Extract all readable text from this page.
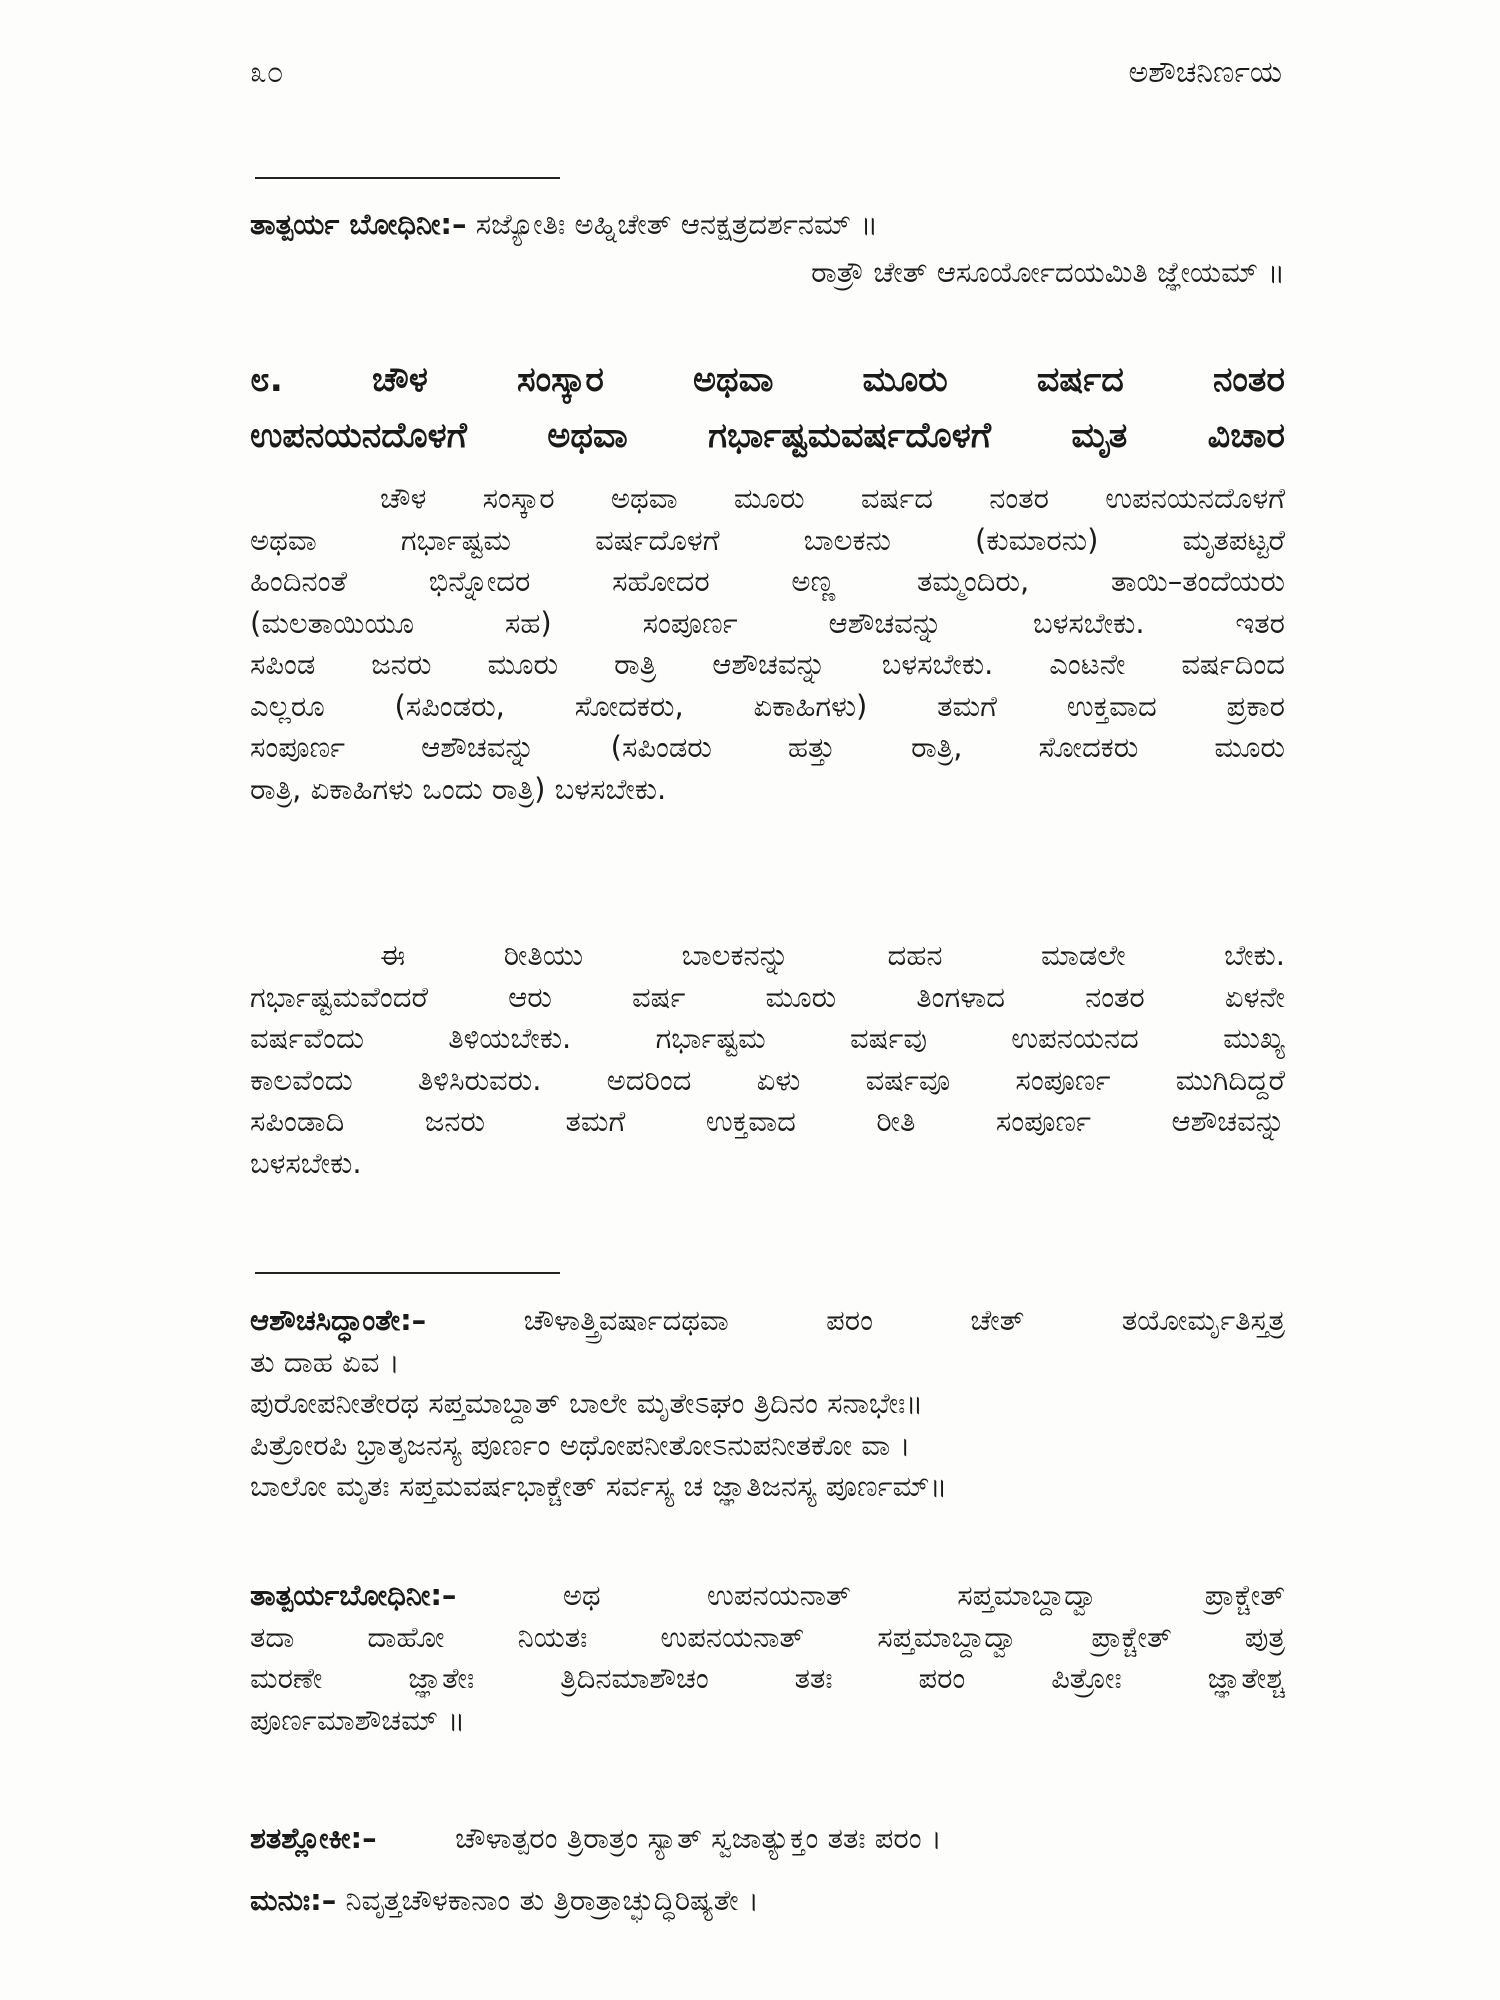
೩೦	ಅಶೌಚನಿರ್ಣಯ
ತಾತ್ಪರ್ಯ ಬೋಧಿನೀ:– ಸಜ್ಯೋತಿಃ ಅಹ್ನಿಚೇತ್ ಆನಕ್ಷತ್ರದರ್ಶನಮ್ ॥
ರಾತ್ರೌ ಚೇತ್ ಆಸೂರ್ಯೋದಯಮಿತಿ ಜ್ಞೇಯಮ್ ॥
೮. ಚೌಳ ಸಂಸ್ಕಾರ ಅಥವಾ ಮೂರು ವರ್ಷದ ನಂತರ
ಉಪನಯನದೊಳಗೆ ಅಥವಾ ಗರ್ಭಾಷ್ಟಮವರ್ಷದೊಳಗೆ ಮೃತ ವಿಚಾರ
ಚೌಳ ಸಂಸ್ಕಾರ ಅಥವಾ ಮೂರು ವರ್ಷದ ನಂತರ ಉಪನಯನದೊಳಗೆ
ಅಥವಾ ಗರ್ಭಾಷ್ಟಮ ವರ್ಷದೊಳಗೆ ಬಾಲಕನು (ಕುಮಾರನು) ಮೃತಪಟ್ಟರೆ
ಹಿಂದಿನಂತೆ ಭಿನ್ನೋದರ ಸಹೋದರ ಅಣ್ಣ ತಮ್ಮಂದಿರು, ತಾಯಿ–ತಂದೆಯರು
(ಮಲತಾಯಿಯೂ ಸಹ) ಸಂಪೂರ್ಣ ಆಶೌಚವನ್ನು ಬಳಸಬೇಕು. ಇತರ
ಸಪಿಂಡ ಜನರು ಮೂರು ರಾತ್ರಿ ಆಶೌಚವನ್ನು ಬಳಸಬೇಕು. ಎಂಟನೇ ವರ್ಷದಿಂದ
ಎಲ್ಲರೂ (ಸಪಿಂಡರು, ಸೋದಕರು, ಏಕಾಹಿಗಳು) ತಮಗೆ ಉಕ್ತವಾದ ಪ್ರಕಾರ
ಸಂಪೂರ್ಣ ಆಶೌಚವನ್ನು (ಸಪಿಂಡರು ಹತ್ತು ರಾತ್ರಿ, ಸೋದಕರು ಮೂರು
ರಾತ್ರಿ, ಏಕಾಹಿಗಳು ಒಂದು ರಾತ್ರಿ) ಬಳಸಬೇಕು.
ಈ ರೀತಿಯು ಬಾಲಕನನ್ನು ದಹನ ಮಾಡಲೇ ಬೇಕು.
ಗರ್ಭಾಷ್ಟಮವೆಂದರೆ ಆರು ವರ್ಷ ಮೂರು ತಿಂಗಳಾದ ನಂತರ ಏಳನೇ
ವರ್ಷವೆಂದು ತಿಳಿಯಬೇಕು. ಗರ್ಭಾಷ್ಟಮ ವರ್ಷವು ಉಪನಯನದ ಮುಖ್ಯ
ಕಾಲವೆಂದು ತಿಳಿಸಿರುವರು. ಅದರಿಂದ ಏಳು ವರ್ಷವೂ ಸಂಪೂರ್ಣ ಮುಗಿದಿದ್ದರೆ
ಸಪಿಂಡಾದಿ ಜನರು ತಮಗೆ ಉಕ್ತವಾದ ರೀತಿ ಸಂಪೂರ್ಣ ಆಶೌಚವನ್ನು
ಬಳಸಬೇಕು.
ಆಶೌಚಸಿದ್ಧಾಂತೇ:–	ಚೌಳಾತ್ತ್ರಿವರ್ಷಾದಥವಾ ಪರಂ ಚೇತ್ ತಯೋರ್ಮೃತಿಸ್ತತ್ರ
ತು ದಾಹ ಏವ ।
ಪುರೋಪನೀತೇರಥ ಸಪ್ತಮಾಬ್ದಾತ್ ಬಾಲೇ ಮೃತೇಽಘಂ ತ್ರಿದಿನಂ ಸನಾಭೇಃ॥
ಪಿತ್ರೋರಪಿ ಭ್ರಾತೃಜನಸ್ಯ ಪೂರ್ಣಂ ಅಥೋಪನೀತೋಽನುಪನೀತಕೋ ವಾ ।
ಬಾಲೋ ಮೃತಃ ಸಪ್ತಮವರ್ಷಭಾಕ್ಚೇತ್ ಸರ್ವಸ್ಯ ಚ ಜ್ಞಾತಿಜನಸ್ಯ ಪೂರ್ಣಮ್॥
ತಾತ್ಪರ್ಯಬೋಧಿನೀ:–	ಅಥ ಉಪನಯನಾತ್ ಸಪ್ತಮಾಬ್ದಾದ್ವಾ ಪ್ರಾಕ್ಚೇತ್
ತದಾ ದಾಹೋ ನಿಯತಃ ಉಪನಯನಾತ್ ಸಪ್ತಮಾಬ್ದಾದ್ವಾ ಪ್ರಾಕ್ಚೇತ್ ಪುತ್ರ
ಮರಣೇ ಜ್ಞಾತೇಃ ತ್ರಿದಿನಮಾಶೌಚಂ ತತಃ ಪರಂ ಪಿತ್ರೋಃ ಜ್ಞಾತೇಶ್ಚ
ಪೂರ್ಣಮಾಶೌಚಮ್ ॥
ಶತಶ್ಲೋಕೀ:–	ಚೌಳಾತ್ಪರಂ ತ್ರಿರಾತ್ರಂ ಸ್ಯಾತ್ ಸ್ವಜಾತ್ಯುಕ್ತಂ ತತಃ ಪರಂ ।
ಮನುಃ:– ನಿವೃತ್ತಚೌಳಕಾನಾಂ ತು ತ್ರಿರಾತ್ರಾಚ್ಛುದ್ಧಿರಿಷ್ಯತೇ ।
